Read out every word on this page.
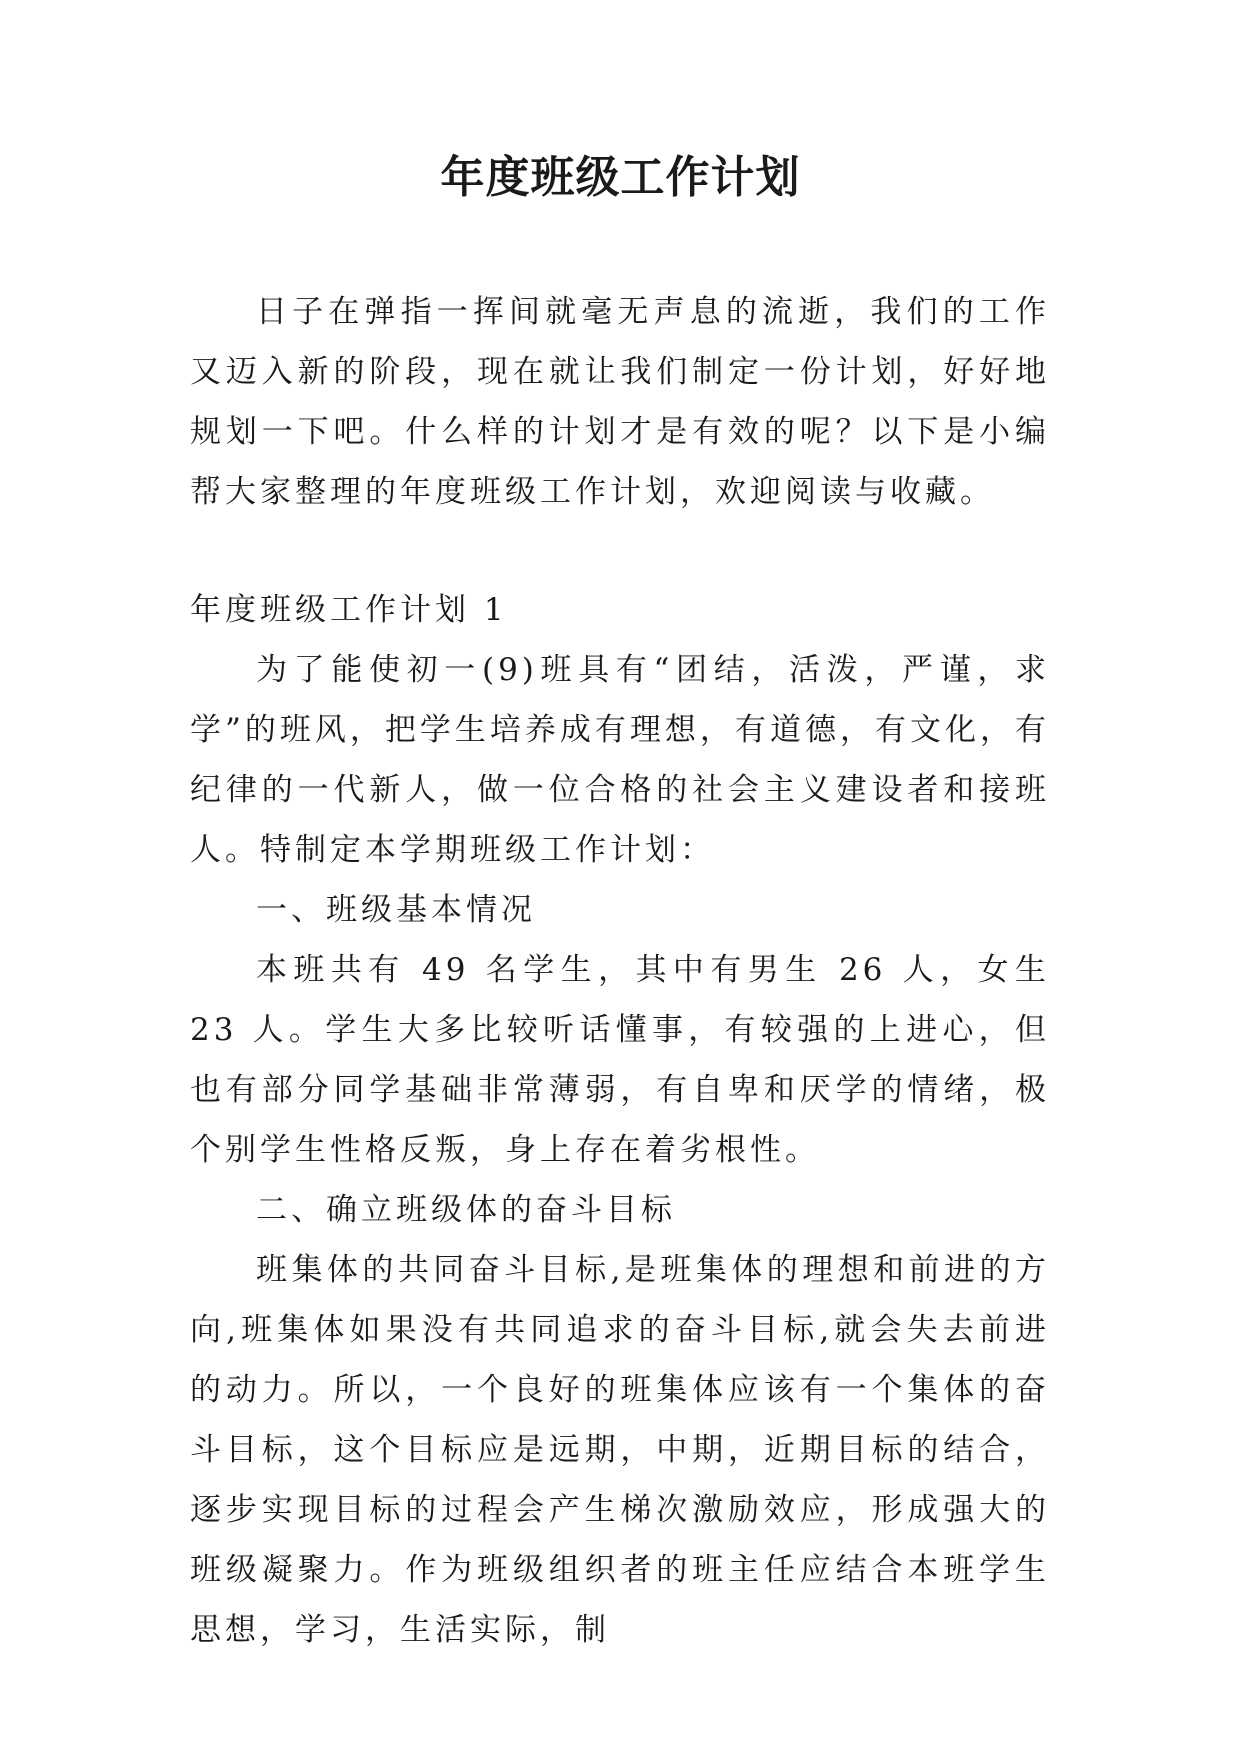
年度班级工作计划

日子在弹指一挥间就毫无声息的流逝，我们的工作又迈入新的阶段，现在就让我们制定一份计划，好好地规划一下吧。什么样的计划才是有效的呢？以下是小编帮大家整理的年度班级工作计划，欢迎阅读与收藏。

年度班级工作计划 1

为了能使初一(9)班具有“团结，活泼，严谨，求学”的班风，把学生培养成有理想，有道德，有文化，有纪律的一代新人，做一位合格的社会主义建设者和接班人。特制定本学期班级工作计划：

一、班级基本情况

本班共有 49 名学生，其中有男生 26 人，女生 23 人。学生大多比较听话懂事，有较强的上进心，但也有部分同学基础非常薄弱，有自卑和厌学的情绪，极个别学生性格反叛，身上存在着劣根性。

二、确立班级体的奋斗目标

班集体的共同奋斗目标,是班集体的理想和前进的方向,班集体如果没有共同追求的奋斗目标,就会失去前进的动力。所以，一个良好的班集体应该有一个集体的奋斗目标，这个目标应是远期，中期，近期目标的结合，逐步实现目标的过程会产生梯次激励效应，形成强大的班级凝聚力。作为班级组织者的班主任应结合本班学生思想，学习，生活实际，制
